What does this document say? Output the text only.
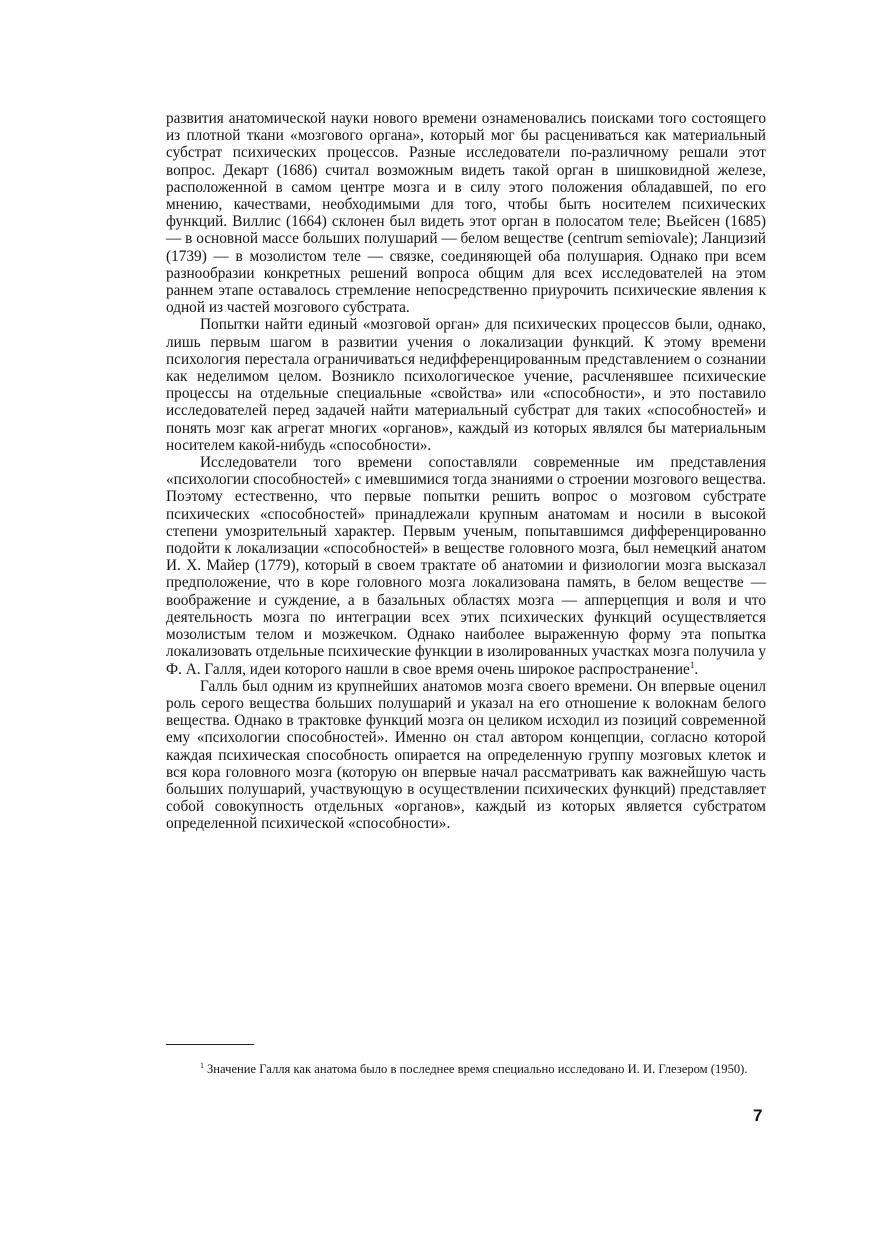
развития анатомической науки нового времени ознаменовались поисками того состоящего из плотной ткани «мозгового органа», который мог бы расцениваться как материальный субстрат психических процессов. Разные исследователи по-различному решали этот вопрос. Декарт (1686) считал возможным видеть такой орган в шишковидной железе, расположенной в самом центре мозга и в силу этого положения обладавшей, по его мнению, качествами, необходимыми для того, чтобы быть носителем психических функций. Виллис (1664) склонен был видеть этот орган в полосатом теле; Вьейсен (1685) — в основной массе больших полушарий — белом веществе (centrum semiovale); Ланцизий (1739) — в мозолистом теле — связке, соединяющей оба полушария. Однако при всем разнообразии конкретных решений вопроса общим для всех исследователей на этом раннем этапе оставалось стремление непосредственно приурочить психические явления к одной из частей мозгового субстрата.

Попытки найти единый «мозговой орган» для психических процессов были, однако, лишь первым шагом в развитии учения о локализации функций. К этому времени психология перестала ограничиваться недифференцированным представлением о сознании как неделимом целом. Возникло психологическое учение, расчленявшее психические процессы на отдельные специальные «свойства» или «способности», и это поставило исследователей перед задачей найти материальный субстрат для таких «способностей» и понять мозг как агрегат многих «органов», каждый из которых являлся бы материальным носителем какой-нибудь «способности».

Исследователи того времени сопоставляли современные им представления «психологии способностей» с имевшимися тогда знаниями о строении мозгового вещества. Поэтому естественно, что первые попытки решить вопрос о мозговом субстрате психических «способностей» принадлежали крупным анатомам и носили в высокой степени умозрительный характер. Первым ученым, попытавшимся дифференцированно подойти к локализации «способностей» в веществе головного мозга, был немецкий анатом И. Х. Майер (1779), который в своем трактате об анатомии и физиологии мозга высказал предположение, что в коре головного мозга локализована память, в белом веществе — воображение и суждение, а в базальных областях мозга — апперцепция и воля и что деятельность мозга по интеграции всех этих психических функций осуществляется мозолистым телом и мозжечком. Однако наиболее выраженную форму эта попытка локализовать отдельные психические функции в изолированных участках мозга получила у Ф. А. Галля, идеи которого нашли в свое время очень широкое распространение$^1$.

Галль был одним из крупнейших анатомов мозга своего времени. Он впервые оценил роль серого вещества больших полушарий и указал на его отношение к волокнам белого вещества. Однако в трактовке функций мозга он целиком исходил из позиций современной ему «психологии способностей». Именно он стал автором концепции, согласно которой каждая психическая способность опирается на определенную группу мозговых клеток и вся кора головного мозга (которую он впервые начал рассматривать как важнейшую часть больших полушарий, участвующую в осуществлении психических функций) представляет собой совокупность отдельных «органов», каждый из которых является субстратом определенной психической «способности».

$^1$ Значение Галля как анатома было в последнее время специально исследовано И. И. Глезером (1950).

7
